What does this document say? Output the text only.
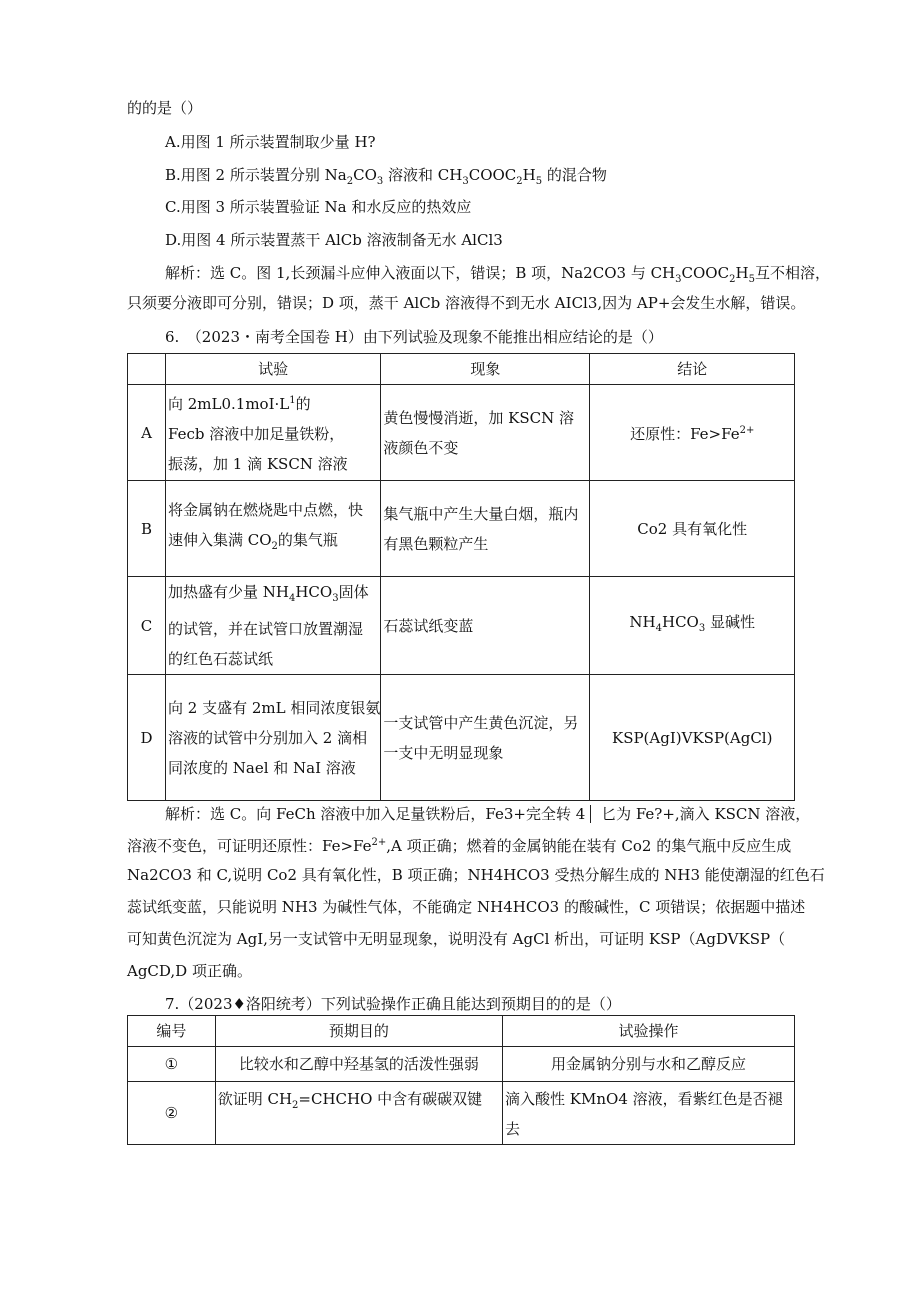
的的是（）
A.用图 1 所示装置制取少量 H?
B.用图 2 所示装置分别 $Na_2CO_3$ 溶液和 $CH_3COOC_2H_5$ 的混合物
C.用图 3 所示装置验证 Na 和水反应的热效应
D.用图 4 所示装置蒸干 AlCb 溶液制备无水 AlCl3
解析：选 C。图 1,长颈漏斗应伸入液面以下，错误；B 项，Na2CO3 与 $CH_3COOC_2H_5$互不相溶，
只须要分液即可分别，错误；D 项，蒸干 AlCb 溶液得不到无水 AICl3,因为 AP+会发生水解，错误。
6.　（2023・南考全国卷 H）由下列试验及现象不能推出相应结论的是（）
	试验	现象	结论
A	向 $2mL0.1moI\cdot L^1$的
Fecb 溶液中加足量铁粉，
振荡，加 1 滴 KSCN 溶液	黄色慢慢消逝，加 KSCN 溶
液颜色不变	还原性：$Fe>Fe^{2+}$
B	将金属钠在燃烧匙中点燃，快
速伸入集满 $CO_2$的集气瓶	集气瓶中产生大量白烟，瓶内
有黑色颗粒产生	Co2 具有氧化性
C	加热盛有少量 $NH_4HCO_3$固体
的试管，并在试管口放置潮湿
的红色石蕊试纸	石蕊试纸变蓝	$NH_4HCO_3$ 显碱性
D	向 2 支盛有 2mL 相同浓度银氨
溶液的试管中分别加入 2 滴相
同浓度的 Nael 和 NaI 溶液	一支试管中产生黄色沉淀，另
一支中无明显现象	KSP(AgI)VKSP(AgCl)
解析：选 C。向 FeCh 溶液中加入足量铁粉后，Fe3+完全转 4 匕为 Fe?+,滴入 KSCN 溶液，
溶液不变色，可证明还原性：$Fe>Fe^{2+},A$ 项正确；燃着的金属钠能在装有 Co2 的集气瓶中反应生成
Na2CO3 和 C,说明 Co2 具有氧化性，B 项正确；NH4HCO3 受热分解生成的 NH3 能使潮湿的红色石
蕊试纸变蓝，只能说明 NH3 为碱性气体，不能确定 NH4HCO3 的酸碱性，C 项错误；依据题中描述
可知黄色沉淀为 AgI,另一支试管中无明显现象，说明没有 AgCl 析出，可证明 KSP（AgDVKSP（
AgCD,D 项正确。
7.（2023♦洛阳统考）下列试验操作正确且能达到预期目的的是（）
编号	预期目的	试验操作
①	比较水和乙醇中羟基氢的活泼性强弱	用金属钠分别与水和乙醇反应
②	欲证明 $CH_2=CHCHO$ 中含有碳碳双键	滴入酸性 KMnO4 溶液，看紫红色是否褪
去
